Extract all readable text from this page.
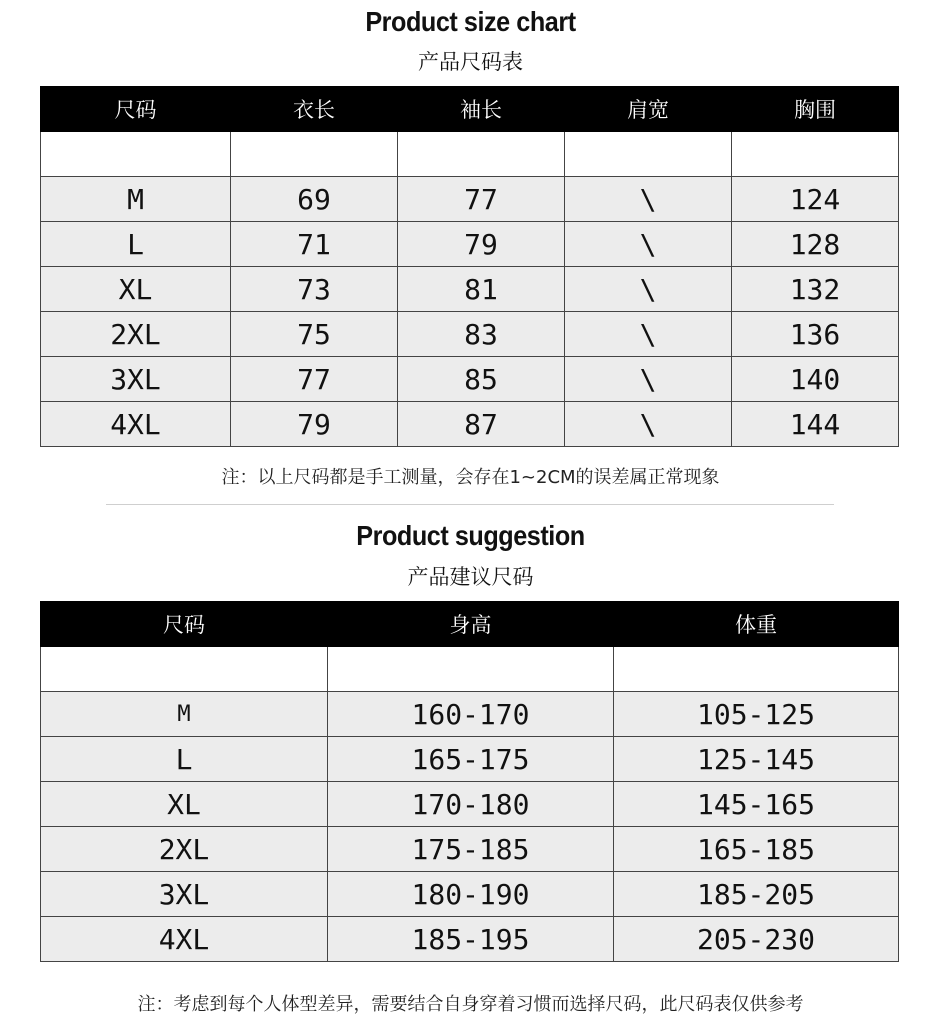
Product size chart
产品尺码表
尺码	衣长	袖长	肩宽	胸围

M	69	77	\	124
L	71	79	\	128
XL	73	81	\	132
2XL	75	83	\	136
3XL	77	85	\	140
4XL	79	87	\	144
注：以上尺码都是手工测量，会存在1~2CM的误差属正常现象
Product suggestion
产品建议尺码
尺码	身高	体重

M	160-170	105-125
L	165-175	125-145
XL	170-180	145-165
2XL	175-185	165-185
3XL	180-190	185-205
4XL	185-195	205-230
注：考虑到每个人体型差异，需要结合自身穿着习惯而选择尺码，此尺码表仅供参考
